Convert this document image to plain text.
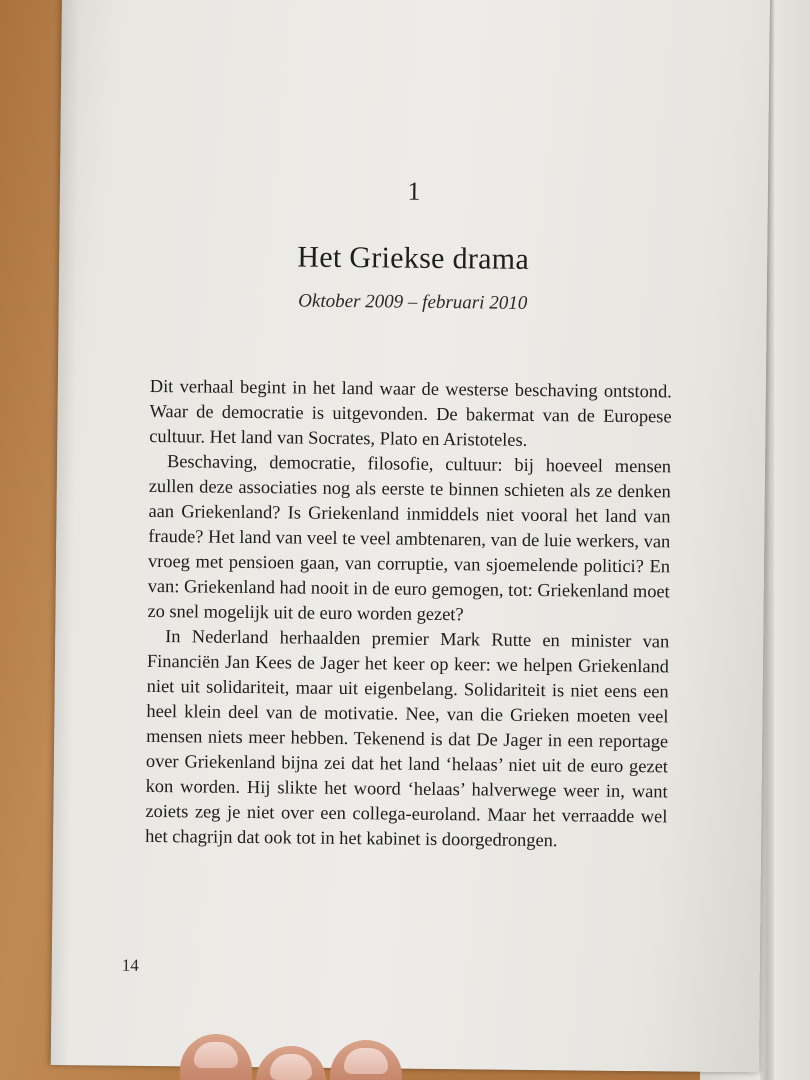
1
Het Griekse drama
Oktober 2009 – februari 2010

Dit verhaal begint in het land waar de westerse beschaving ontstond. Waar de democratie is uitgevonden. De bakermat van de Europese cultuur. Het land van Socrates, Plato en Aristoteles.

Beschaving, democratie, filosofie, cultuur: bij hoeveel mensen zullen deze associaties nog als eerste te binnen schieten als ze denken aan Griekenland? Is Griekenland inmiddels niet vooral het land van fraude? Het land van veel te veel ambtenaren, van de luie werkers, van vroeg met pensioen gaan, van corruptie, van sjoemelende politici? En van: Griekenland had nooit in de euro gemogen, tot: Griekenland moet zo snel mogelijk uit de euro worden gezet?

In Nederland herhaalden premier Mark Rutte en minister van Financiën Jan Kees de Jager het keer op keer: we helpen Griekenland niet uit solidariteit, maar uit eigenbelang. Solidariteit is niet eens een heel klein deel van de motivatie. Nee, van die Grieken moeten veel mensen niets meer hebben. Tekenend is dat De Jager in een reportage over Griekenland bijna zei dat het land ‘helaas’ niet uit de euro gezet kon worden. Hij slikte het woord ‘helaas’ halverwege weer in, want zoiets zeg je niet over een collega-euroland. Maar het verraadde wel het chagrijn dat ook tot in het kabinet is doorgedrongen.

14
